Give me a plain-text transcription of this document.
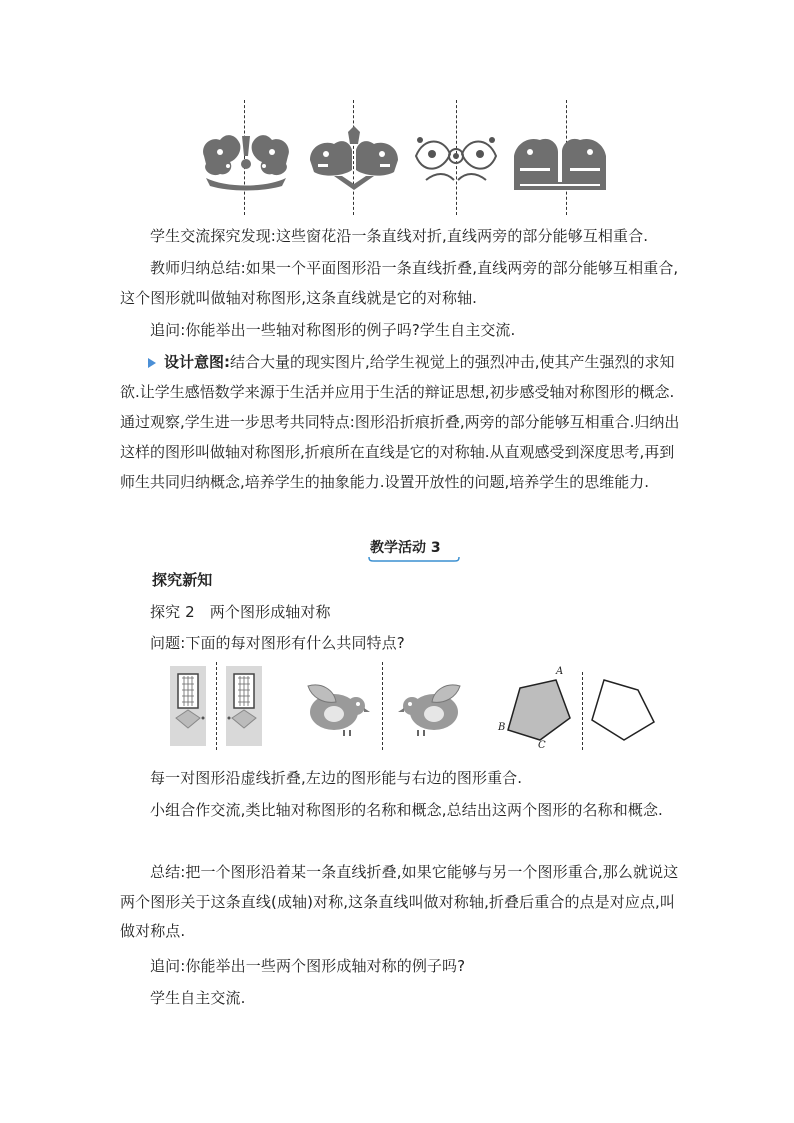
学生交流探究发现:这些窗花沿一条直线对折,直线两旁的部分能够互相重合.

教师归纳总结:如果一个平面图形沿一条直线折叠,直线两旁的部分能够互相重合,这个图形就叫做轴对称图形,这条直线就是它的对称轴.

追问:你能举出一些轴对称图形的例子吗?学生自主交流.

设计意图:结合大量的现实图片,给学生视觉上的强烈冲击,使其产生强烈的求知欲.让学生感悟数学来源于生活并应用于生活的辩证思想,初步感受轴对称图形的概念.通过观察,学生进一步思考共同特点:图形沿折痕折叠,两旁的部分能够互相重合.归纳出这样的图形叫做轴对称图形,折痕所在直线是它的对称轴.从直观感受到深度思考,再到师生共同归纳概念,培养学生的抽象能力.设置开放性的问题,培养学生的思维能力.

教学活动 3

探究新知

探究 2　两个图形成轴对称

问题:下面的每对图形有什么共同特点?

A
B
C

每一对图形沿虚线折叠,左边的图形能与右边的图形重合.

小组合作交流,类比轴对称图形的名称和概念,总结出这两个图形的名称和概念.

总结:把一个图形沿着某一条直线折叠,如果它能够与另一个图形重合,那么就说这两个图形关于这条直线(成轴)对称,这条直线叫做对称轴,折叠后重合的点是对应点,叫做对称点.

追问:你能举出一些两个图形成轴对称的例子吗?

学生自主交流.
